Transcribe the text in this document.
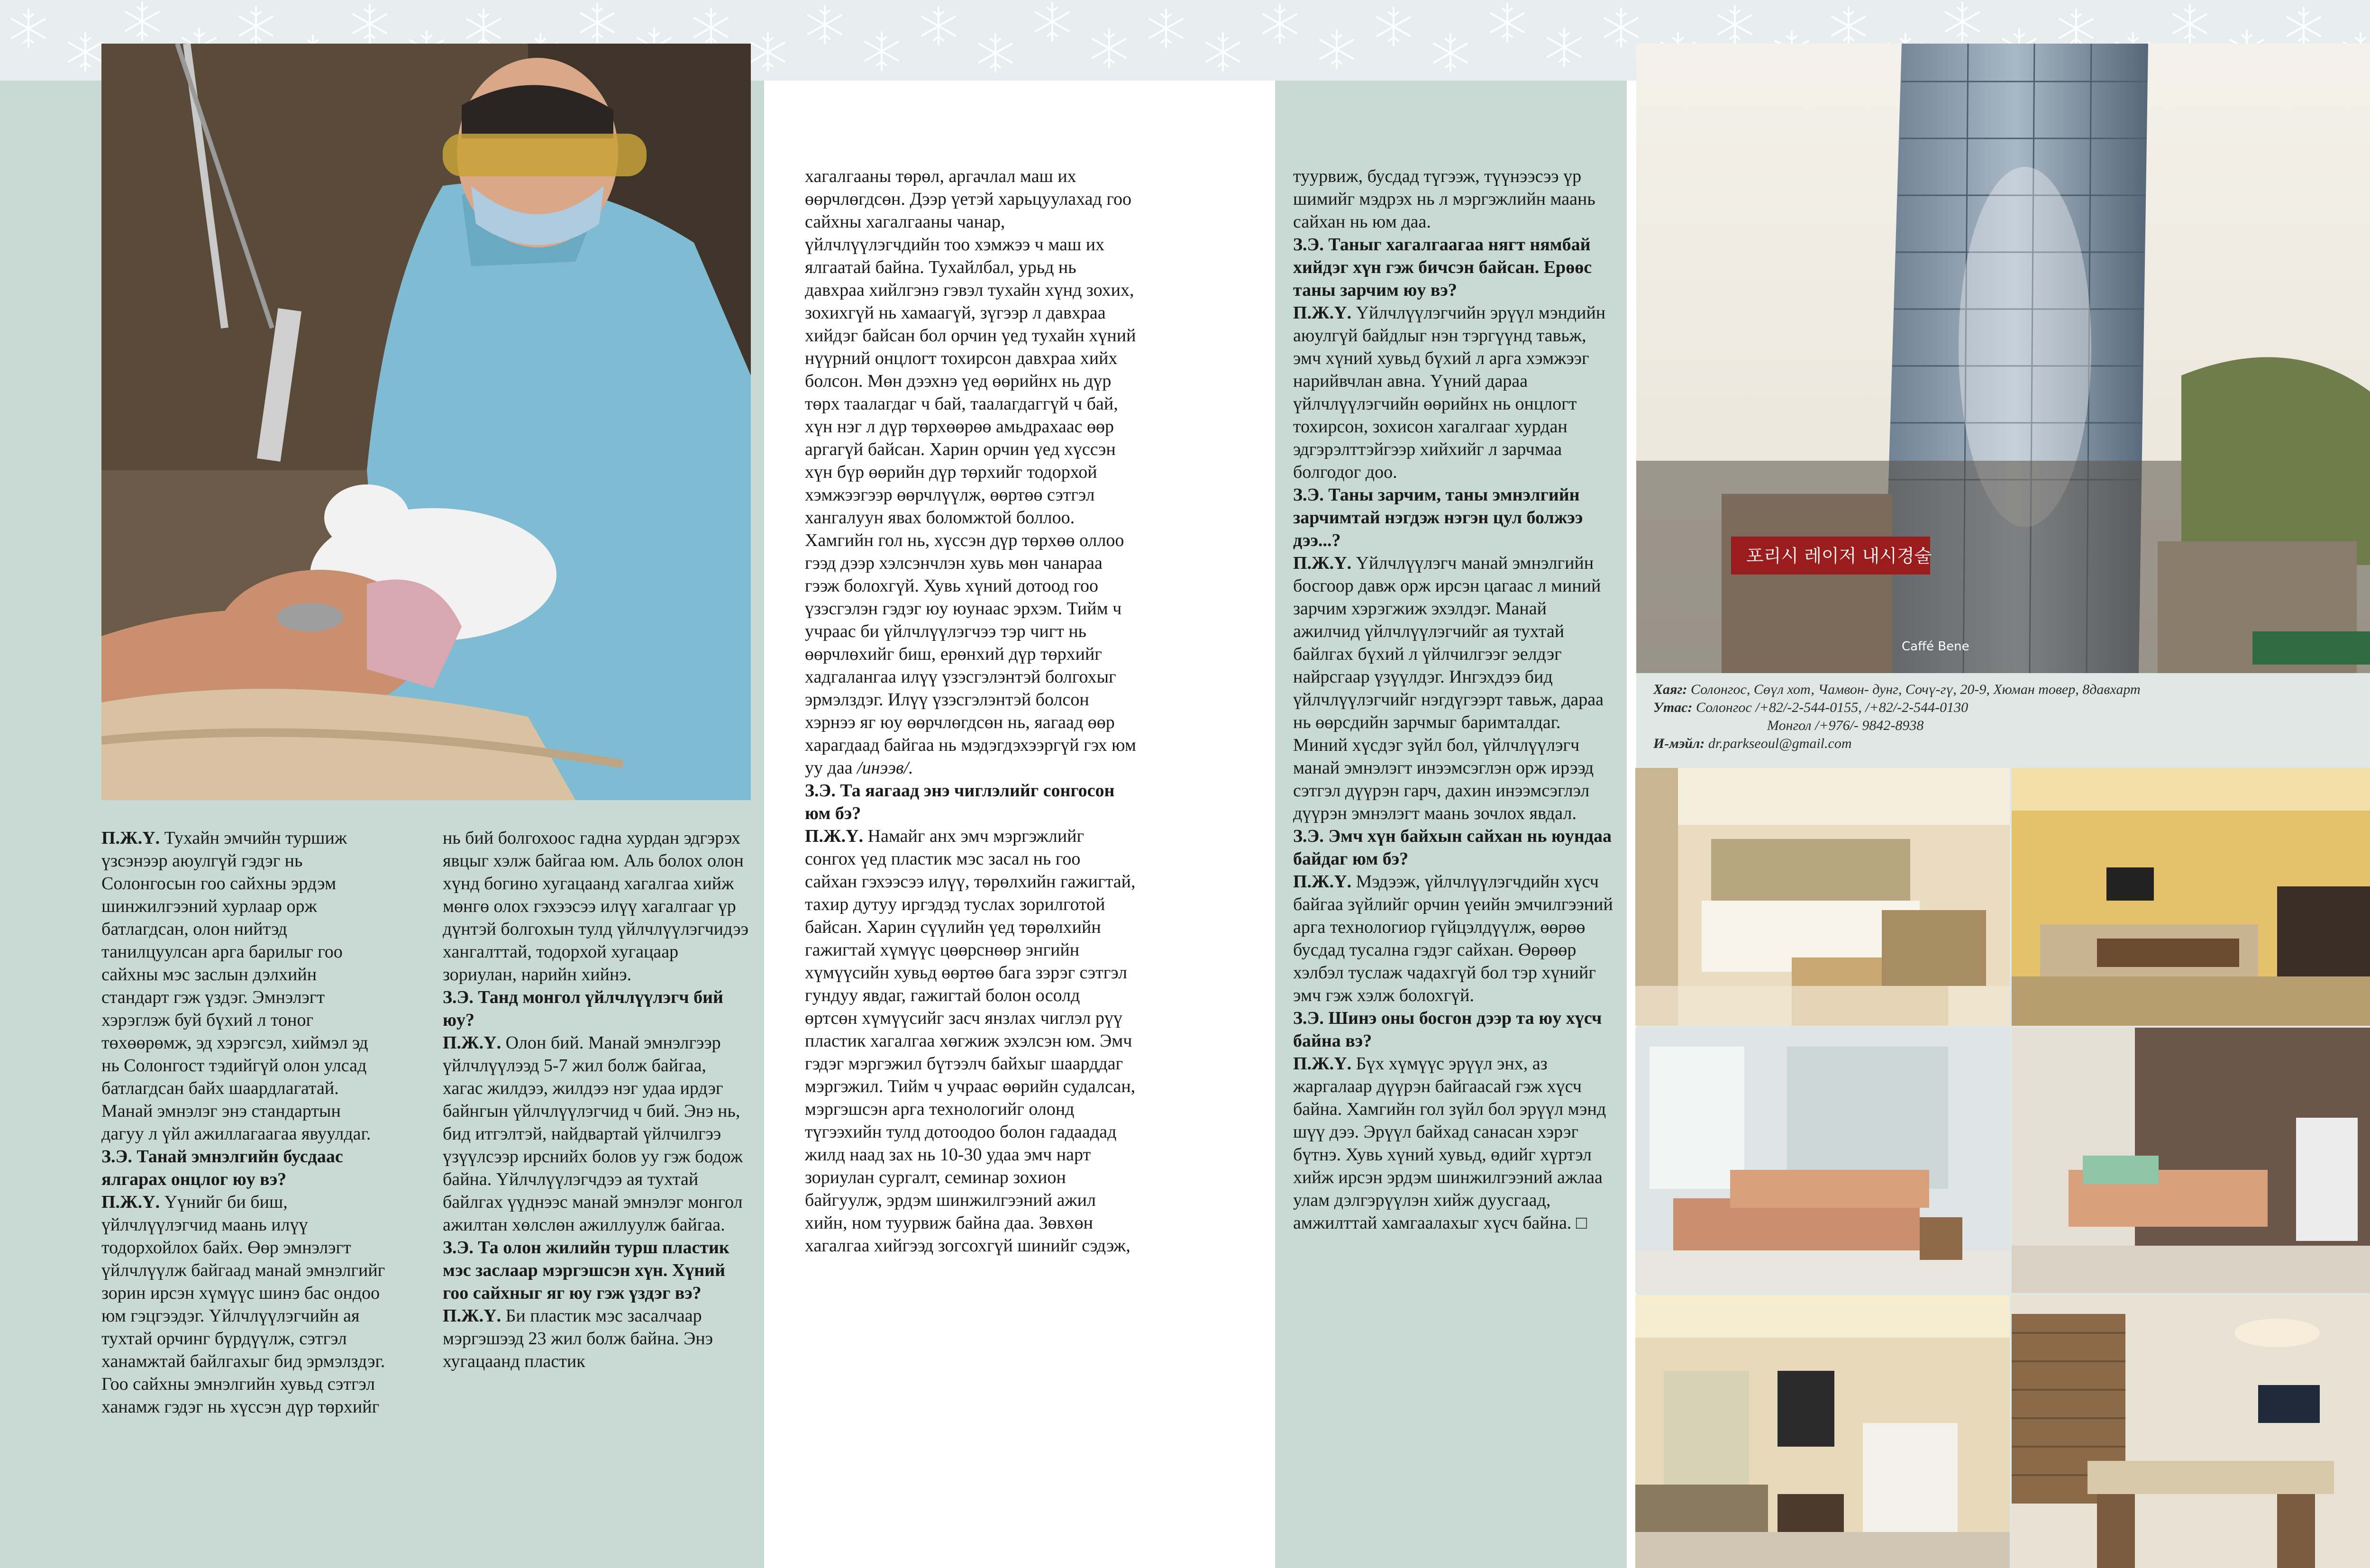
П.Ж.Ү. Тухайн эмчийн туршиж үзсэнээр аюулгүй гэдэг нь Солонгосын гоо сайхны эрдэм шинжилгээний хурлаар орж батлагдсан, олон нийтэд танилцуулсан арга барилыг гоо сайхны мэс заслын дэлхийн стандарт гэж үздэг. Эмнэлэгт хэрэглэж буй бүхий л тоног төхөөрөмж, эд хэрэгсэл, хиймэл эд нь Солонгост тэдийгүй олон улсад батлагдсан байх шаардлагатай. Манай эмнэлэг энэ стандартын дагуу л үйл ажиллагаагаа явуулдаг.

З.Э. Танай эмнэлгийн бусдаас ялгарах онцлог юу вэ?

П.Ж.Ү. Үүнийг би биш, үйлчлүүлэгчид маань илүү тодорхойлох байх. Өөр эмнэлэгт үйлчлүүлж байгаад манай эмнэлгийг зорин ирсэн хүмүүс шинэ бас ондоо юм гэцгээдэг. Үйлчлүүлэгчийн ая тухтай орчинг бүрдүүлж, сэтгэл ханамжтай байлгахыг бид эрмэлздэг. Гоо сайхны эмнэлгийн хувьд сэтгэл ханамж гэдэг нь хүссэн дүр төрхийг

нь бий болгохоос гадна хурдан эдгэрэх явцыг хэлж байгаа юм. Аль болох олон хүнд богино хугацаанд хагалгаа хийж мөнгө олох гэхээсээ илүү хагалгааг үр дүнтэй болгохын тулд үйлчлүүлэгчидээ хангалттай, тодорхой хугацаар зориулан, нарийн хийнэ.

З.Э. Танд монгол үйлчлүүлэгч бий юу?

П.Ж.Ү. Олон бий. Манай эмнэлгээр үйлчлүүлээд 5-7 жил болж байгаа, хагас жилдээ, жилдээ нэг удаа ирдэг байнгын үйлчлүүлэгчид ч бий. Энэ нь, бид итгэлтэй, найдвартай үйлчилгээ үзүүлсээр ирснийх болов уу гэж бодож байна. Үйлчлүүлэгчдээ ая тухтай байлгах үүднээс манай эмнэлэг монгол ажилтан хөлслөн ажиллуулж байгаа.

З.Э. Та олон жилийн турш пластик мэс заслаар мэргэшсэн хүн. Хүний гоо сайхныг яг юу гэж үздэг вэ?

П.Ж.Ү. Би пластик мэс засалчаар мэргэшээд 23 жил болж байна. Энэ хугацаанд пластик

хагалгааны төрөл, аргачлал маш их өөрчлөгдсөн. Дээр үетэй харьцуулахад гоо сайхны хагалгааны чанар, үйлчлүүлэгчдийн тоо хэмжээ ч маш их ялгаатай байна. Тухайлбал, урьд нь давхраа хийлгэнэ гэвэл тухайн хүнд зохих, зохихгүй нь хамаагүй, зүгээр л давхраа хийдэг байсан бол орчин үед тухайн хүний нүүрний онцлогт тохирсон давхраа хийх болсон. Мөн дээхнэ үед өөрийнх нь дүр төрх таалагдаг ч бай, таалагдаггүй ч бай, хүн нэг л дүр төрхөөрөө амьдрахаас өөр аргагүй байсан. Харин орчин үед хүссэн хүн бүр өөрийн дүр төрхийг тодорхой хэмжээгээр өөрчлүүлж, өөртөө сэтгэл хангалуун явах боломжтой боллоо. Хамгийн гол нь, хүссэн дүр төрхөө оллоо гээд дээр хэлсэнчлэн хувь мөн чанараа гээж болохгүй. Хувь хүний дотоод гоо үзэсгэлэн гэдэг юу юунаас эрхэм. Тийм ч учраас би үйлчлүүлэгчээ тэр чигт нь өөрчлөхийг биш, ерөнхий дүр төрхийг хадгалангаа илүү үзэсгэлэнтэй болгохыг эрмэлздэг. Илүү үзэсгэлэнтэй болсон хэрнээ яг юу өөрчлөгдсөн нь, яагаад өөр харагдаад байгаа нь мэдэгдэхээргүй гэх юм уу даа /инээв/.

З.Э. Та яагаад энэ чиглэлийг сонгосон юм бэ?

П.Ж.Ү. Намайг анх эмч мэргэжлийг сонгох үед пластик мэс засал нь гоо сайхан гэхээсээ илүү, төрөлхийн гажигтай, тахир дутуу иргэдэд туслах зорилготой байсан. Харин сүүлийн үед төрөлхийн гажигтай хүмүүс цөөрснөөр энгийн хүмүүсийн хувьд өөртөө бага зэрэг сэтгэл гундуу явдаг, гажигтай болон осолд өртсөн хүмүүсийг засч янзлах чиглэл рүү пластик хагалгаа хөгжиж эхэлсэн юм. Эмч гэдэг мэргэжил бүтээлч байхыг шаарддаг мэргэжил. Тийм ч учраас өөрийн судалсан, мэргэшсэн арга технологийг олонд түгээхийн тулд дотоодоо болон гадаадад жилд наад зах нь 10-30 удаа эмч нарт зориулан сургалт, семинар зохион байгуулж, эрдэм шинжилгээний ажил хийн, ном туурвиж байна даа. Зөвхөн хагалгаа хийгээд зогсохгүй шинийг сэдэж,

туурвиж, бусдад түгээж, түүнээсээ үр шимийг мэдрэх нь л мэргэжлийн маань сайхан нь юм даа.

З.Э. Таныг хагалгаагаа нягт нямбай хийдэг хүн гэж бичсэн байсан. Ерөөс таны зарчим юу вэ?

П.Ж.Ү. Үйлчлүүлэгчийн эрүүл мэндийн аюулгүй байдлыг нэн тэргүүнд тавьж, эмч хүний хувьд бүхий л арга хэмжээг нарийвчлан авна. Үүний дараа үйлчлүүлэгчийн өөрийнх нь онцлогт тохирсон, зохисон хагалгааг хурдан эдгэрэлттэйгээр хийхийг л зарчмаа болгодог доо.

З.Э. Таны зарчим, таны эмнэлгийн зарчимтай нэгдэж нэгэн цул болжээ дээ...?

П.Ж.Ү. Үйлчлүүлэгч манай эмнэлгийн босгоор давж орж ирсэн цагаас л миний зарчим хэрэгжиж эхэлдэг. Манай ажилчид үйлчлүүлэгчийг ая тухтай байлгах бүхий л үйлчилгээг эелдэг найрсгаар үзүүлдэг. Ингэхдээ бид үйлчлүүлэгчийг нэгдүгээрт тавьж, дараа нь өөрсдийн зарчмыг баримталдаг. Миний хүсдэг зүйл бол, үйлчлүүлэгч манай эмнэлэгт инээмсэглэн орж ирээд сэтгэл дүүрэн гарч, дахин инээмсэглэл дүүрэн эмнэлэгт маань зочлох явдал.

З.Э. Эмч хүн байхын сайхан нь юундаа байдаг юм бэ?

П.Ж.Ү. Мэдээж, үйлчлүүлэгчдийн хүсч байгаа зүйлийг орчин үеийн эмчилгээний арга технологиор гүйцэлдүүлж, өөрөө бусдад тусална гэдэг сайхан. Өөрөөр хэлбэл туслаж чадахгүй бол тэр хүнийг эмч гэж хэлж болохгүй.

З.Э. Шинэ оны босгон дээр та юу хүсч байна вэ?

П.Ж.Ү. Бүх хүмүүс эрүүл энх, аз жаргалаар дүүрэн байгаасай гэж хүсч байна. Хамгийн гол зүйл бол эрүүл мэнд шүү дээ. Эрүүл байхад санасан хэрэг бүтнэ. Хувь хүний хувьд, өдийг хүртэл хийж ирсэн эрдэм шинжилгээний ажлаа улам дэлгэрүүлэн хийж дуусгаад, амжилттай хамгаалахыг хүсч байна. □

포리시 레이저 내시경술
Caffé Bene
Хаяг: Солонгос, Сөүл хот, Чамвон- дунг, Сочү-гү, 20-9, Хюман товер, 8давхарт
Утас: Солонгос /+82/-2-544-0155, /+82/-2-544-0130
Монгол /+976/- 9842-8938
И-мэйл: dr.parkseoul@gmail.com
